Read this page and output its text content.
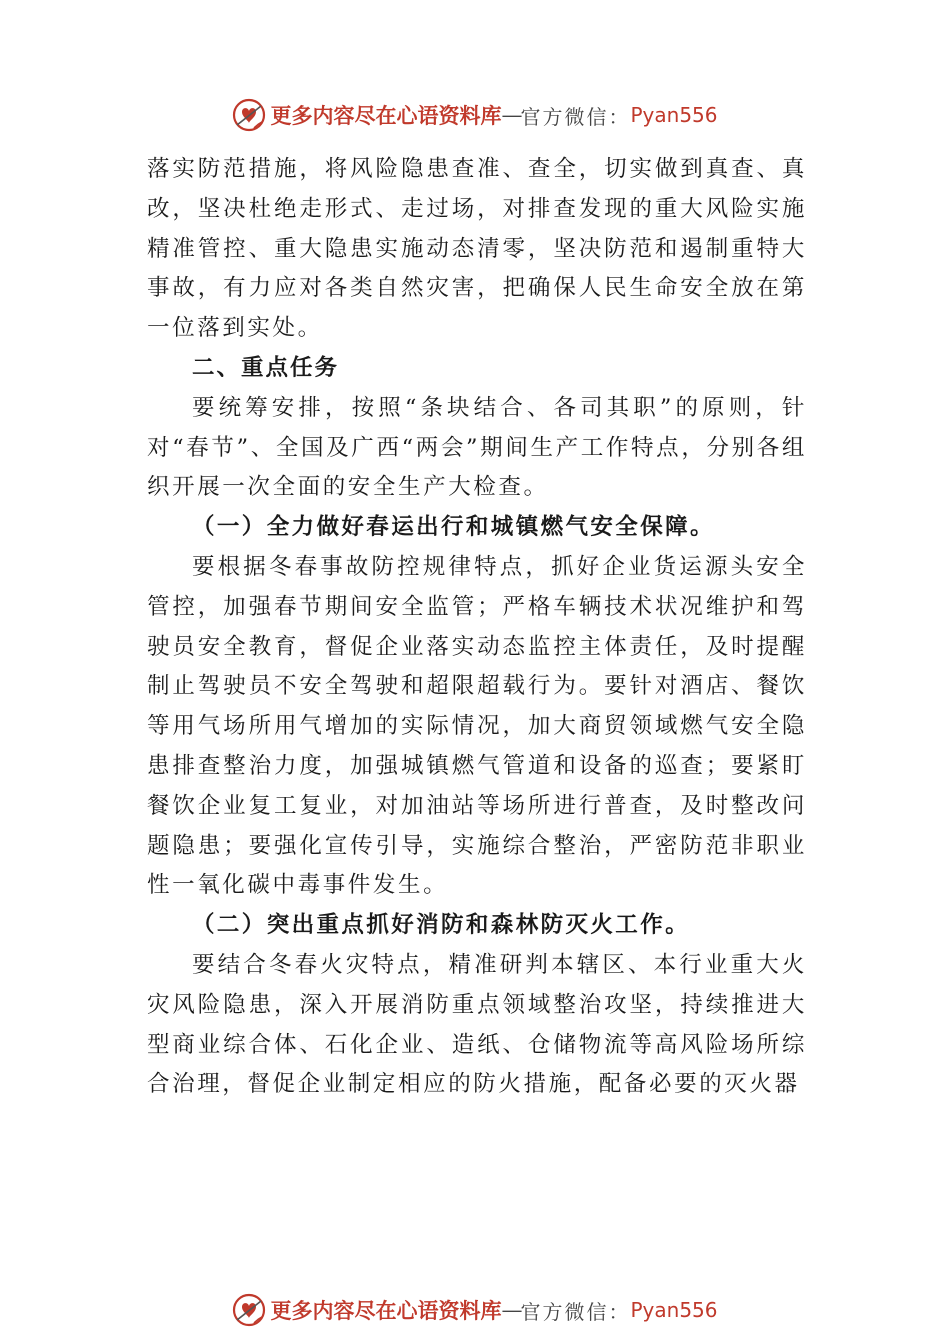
更多内容尽在心语资料库 — 官方微信： Pyan556

落实防范措施，将风险隐患查准、查全，切实做到真查、真改，坚决杜绝走形式、走过场，对排查发现的重大风险实施精准管控、重大隐患实施动态清零，坚决防范和遏制重特大事故，有力应对各类自然灾害，把确保人民生命安全放在第一位落到实处。

二、重点任务

要统筹安排，按照“条块结合、各司其职”的原则，针对“春节”、全国及广西“两会”期间生产工作特点，分别各组织开展一次全面的安全生产大检查。

（一）全力做好春运出行和城镇燃气安全保障。

要根据冬春事故防控规律特点，抓好企业货运源头安全管控，加强春节期间安全监管；严格车辆技术状况维护和驾驶员安全教育，督促企业落实动态监控主体责任，及时提醒制止驾驶员不安全驾驶和超限超载行为。要针对酒店、餐饮等用气场所用气增加的实际情况，加大商贸领域燃气安全隐患排查整治力度，加强城镇燃气管道和设备的巡查；要紧盯餐饮企业复工复业，对加油站等场所进行普查，及时整改问题隐患；要强化宣传引导，实施综合整治，严密防范非职业性一氧化碳中毒事件发生。

（二）突出重点抓好消防和森林防灭火工作。

要结合冬春火灾特点，精准研判本辖区、本行业重大火灾风险隐患，深入开展消防重点领域整治攻坚，持续推进大型商业综合体、石化企业、造纸、仓储物流等高风险场所综合治理，督促企业制定相应的防火措施，配备必要的灭火器

更多内容尽在心语资料库 — 官方微信： Pyan556
